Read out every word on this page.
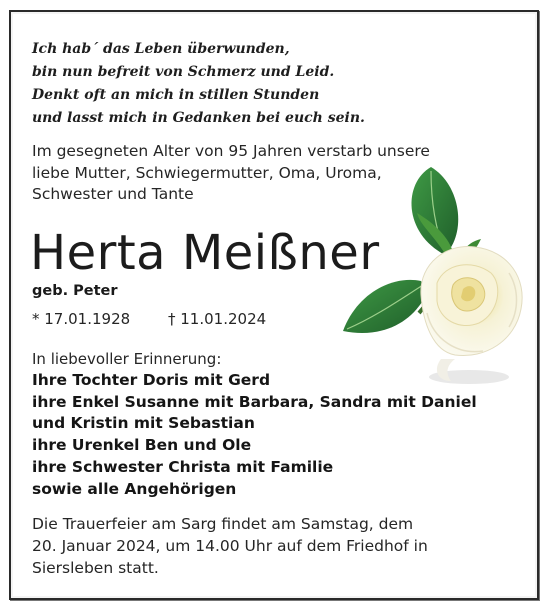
Ich hab´ das Leben überwunden,
bin nun befreit von Schmerz und Leid.
Denkt oft an mich in stillen Stunden
und lasst mich in Gedanken bei euch sein.
Im gesegneten Alter von 95 Jahren verstarb unsere
liebe Mutter, Schwiegermutter, Oma, Uroma,
Schwester und Tante
Herta Meißner
geb. Peter
* 17.01.1928	† 11.01.2024
In liebevoller Erinnerung:
Ihre Tochter Doris mit Gerd
ihre Enkel Susanne mit Barbara, Sandra mit Daniel
und Kristin mit Sebastian
ihre Urenkel Ben und Ole
ihre Schwester Christa mit Familie
sowie alle Angehörigen
Die Trauerfeier am Sarg findet am Samstag, dem
20. Januar 2024, um 14.00 Uhr auf dem Friedhof in
Siersleben statt.
